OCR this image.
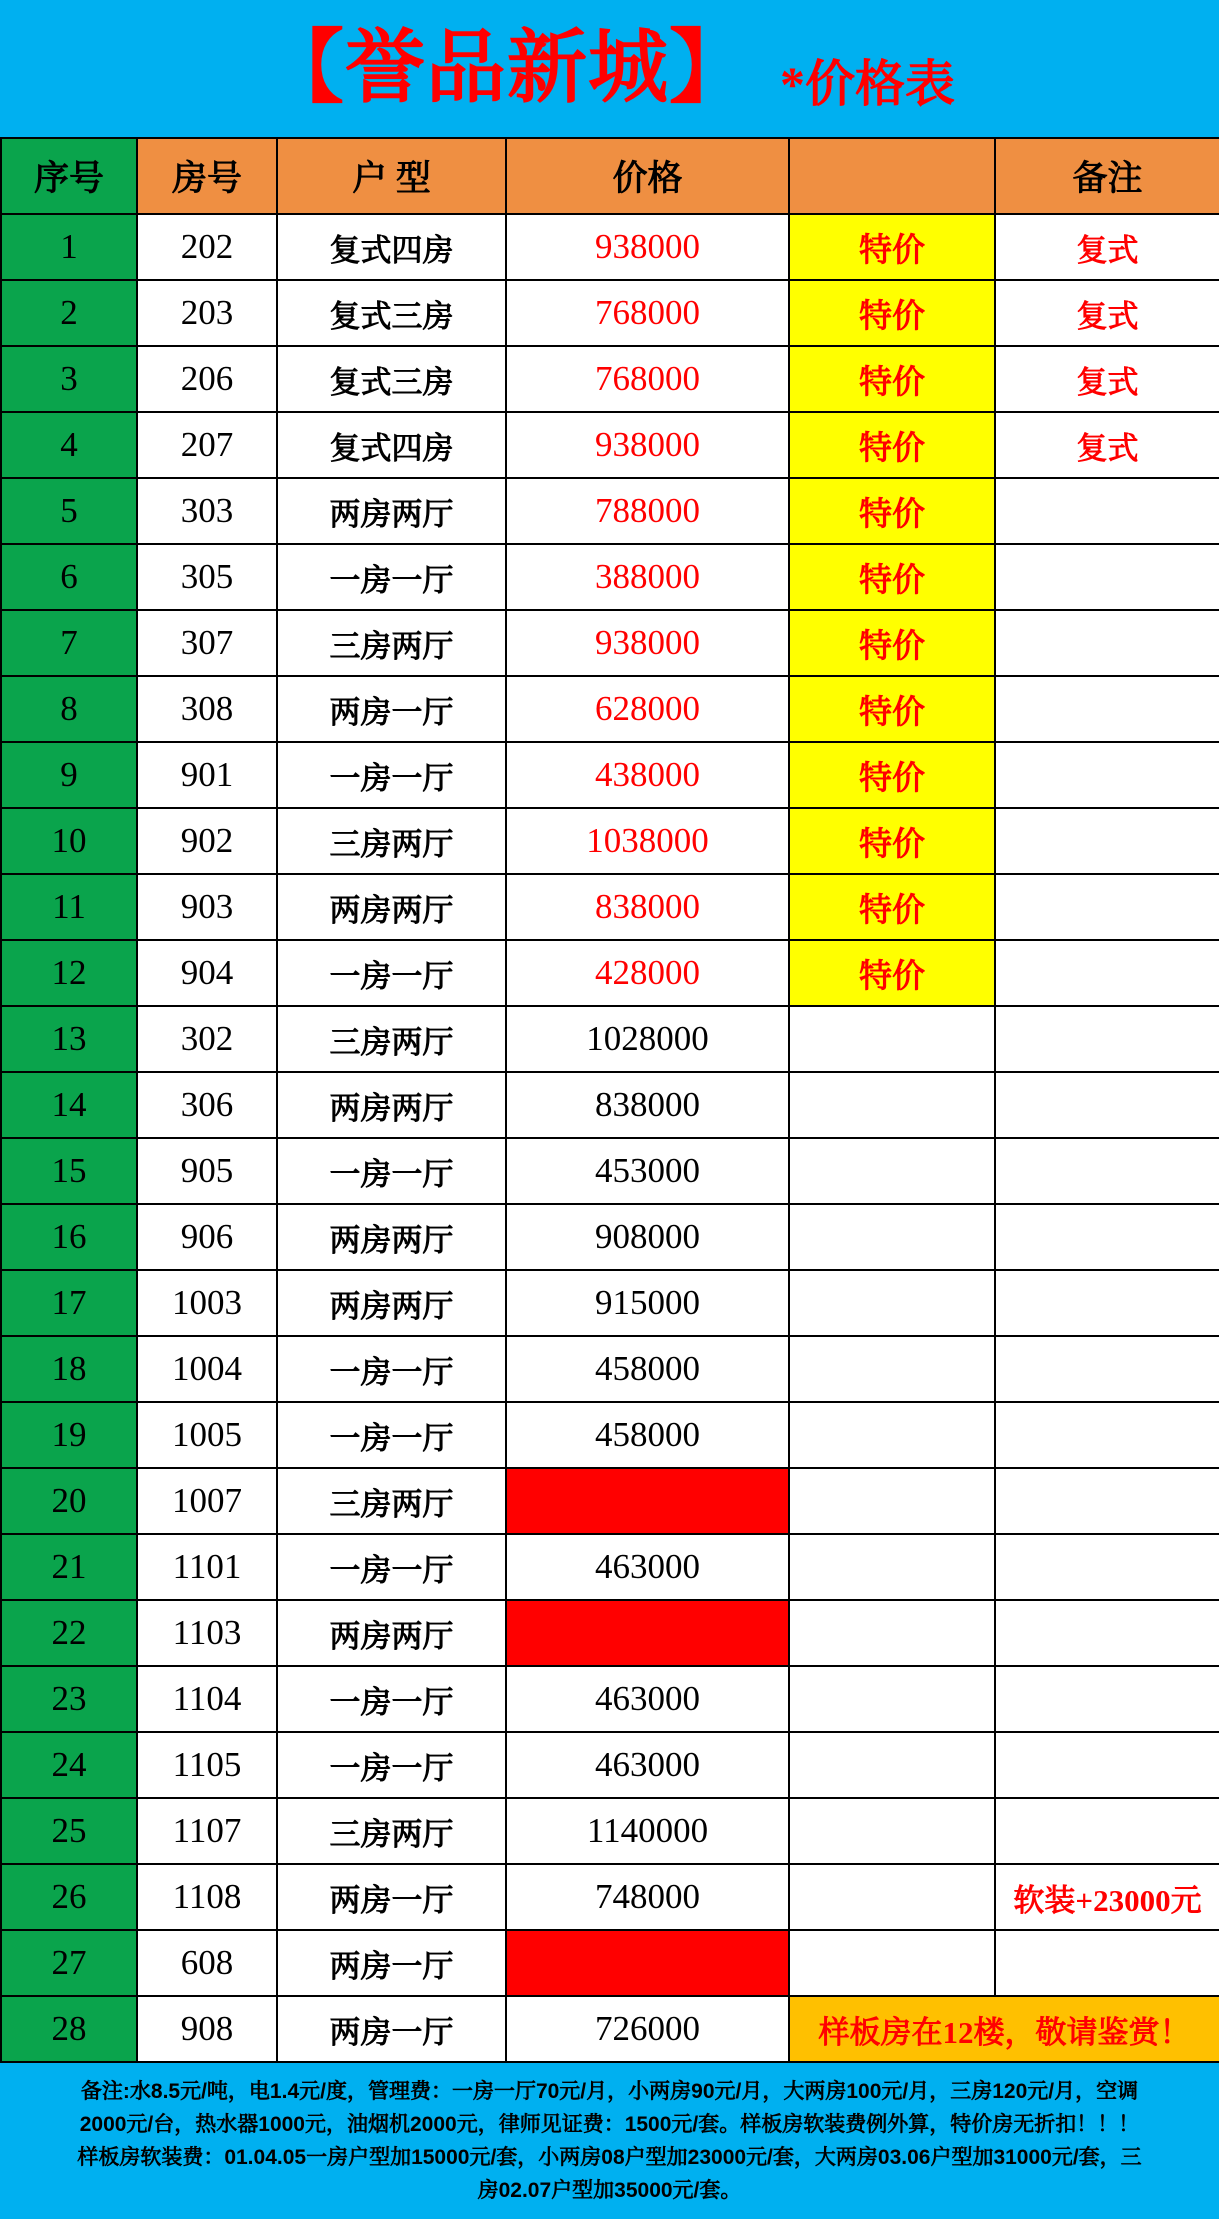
【誉品新城】 *价格表
序号	房号	户 型	价格		备注
1	202	复式四房	938000	特价	复式
2	203	复式三房	768000	特价	复式
3	206	复式三房	768000	特价	复式
4	207	复式四房	938000	特价	复式
5	303	两房两厅	788000	特价	
6	305	一房一厅	388000	特价	
7	307	三房两厅	938000	特价	
8	308	两房一厅	628000	特价	
9	901	一房一厅	438000	特价	
10	902	三房两厅	1038000	特价	
11	903	两房两厅	838000	特价	
12	904	一房一厅	428000	特价	
13	302	三房两厅	1028000		
14	306	两房两厅	838000		
15	905	一房一厅	453000		
16	906	两房两厅	908000		
17	1003	两房两厅	915000		
18	1004	一房一厅	458000		
19	1005	一房一厅	458000		
20	1007	三房两厅			
21	1101	一房一厅	463000		
22	1103	两房两厅			
23	1104	一房一厅	463000		
24	1105	一房一厅	463000		
25	1107	三房两厅	1140000		
26	1108	两房一厅	748000		软装+23000元
27	608	两房一厅			
28	908	两房一厅	726000	样板房在12楼，敬请鉴赏！	
备注:水8.5元/吨，电1.4元/度，管理费：一房一厅70元/月，小两房90元/月，大两房100元/月，三房120元/月，空调
2000元/台，热水器1000元，油烟机2000元，律师见证费：1500元/套。样板房软装费例外算，特价房无折扣！！！
样板房软装费：01.04.05一房户型加15000元/套，小两房08户型加23000元/套，大两房03.06户型加31000元/套，三
房02.07户型加35000元/套。
